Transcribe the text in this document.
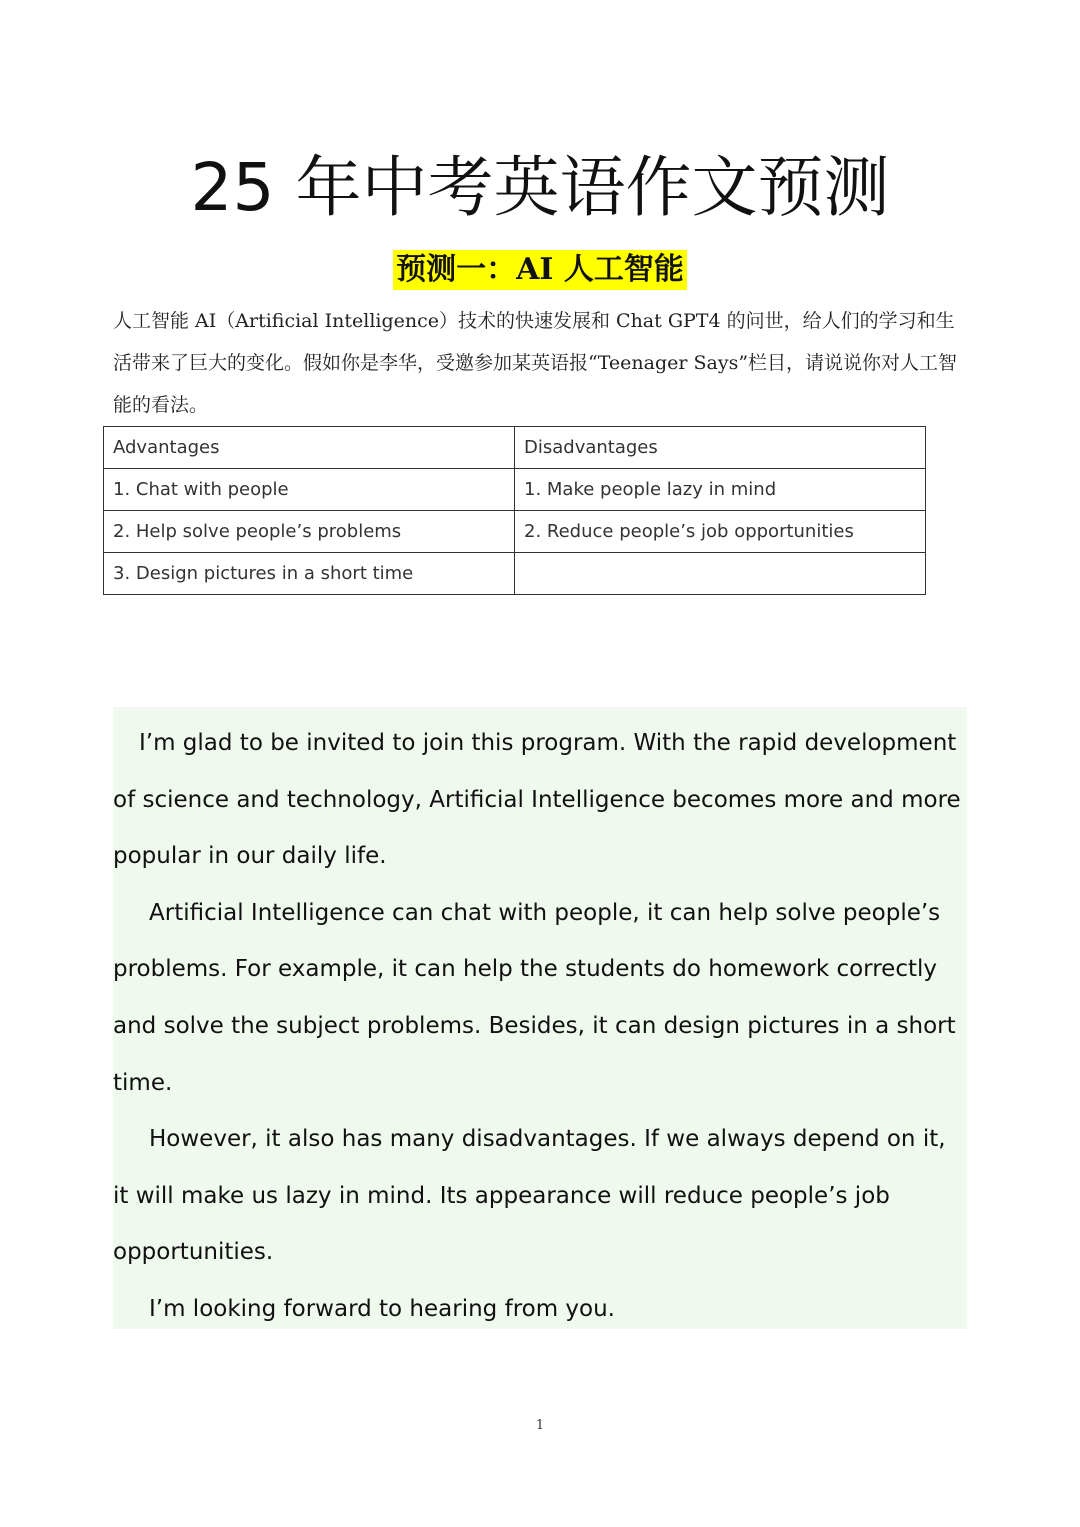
25 年中考英语作文预测
预测一：AI 人工智能

人工智能 AI（Artificial Intelligence）技术的快速发展和 Chat GPT4 的问世，给人们的学习和生活带来了巨大的变化。假如你是李华，受邀参加某英语报“Teenager Says”栏目，请说说你对人工智能的看法。

Advantages	Disadvantages
1. Chat with people	1. Make people lazy in mind
2. Help solve people’s problems	2. Reduce people’s job opportunities
3. Design pictures in a short time	

I’m glad to be invited to join this program. With the rapid development of science and technology, Artificial Intelligence becomes more and more popular in our daily life.

Artificial Intelligence can chat with people, it can help solve people’s problems. For example, it can help the students do homework correctly and solve the subject problems. Besides, it can design pictures in a short time.

However, it also has many disadvantages. If we always depend on it, it will make us lazy in mind. Its appearance will reduce people’s job opportunities.

I’m looking forward to hearing from you.

1
